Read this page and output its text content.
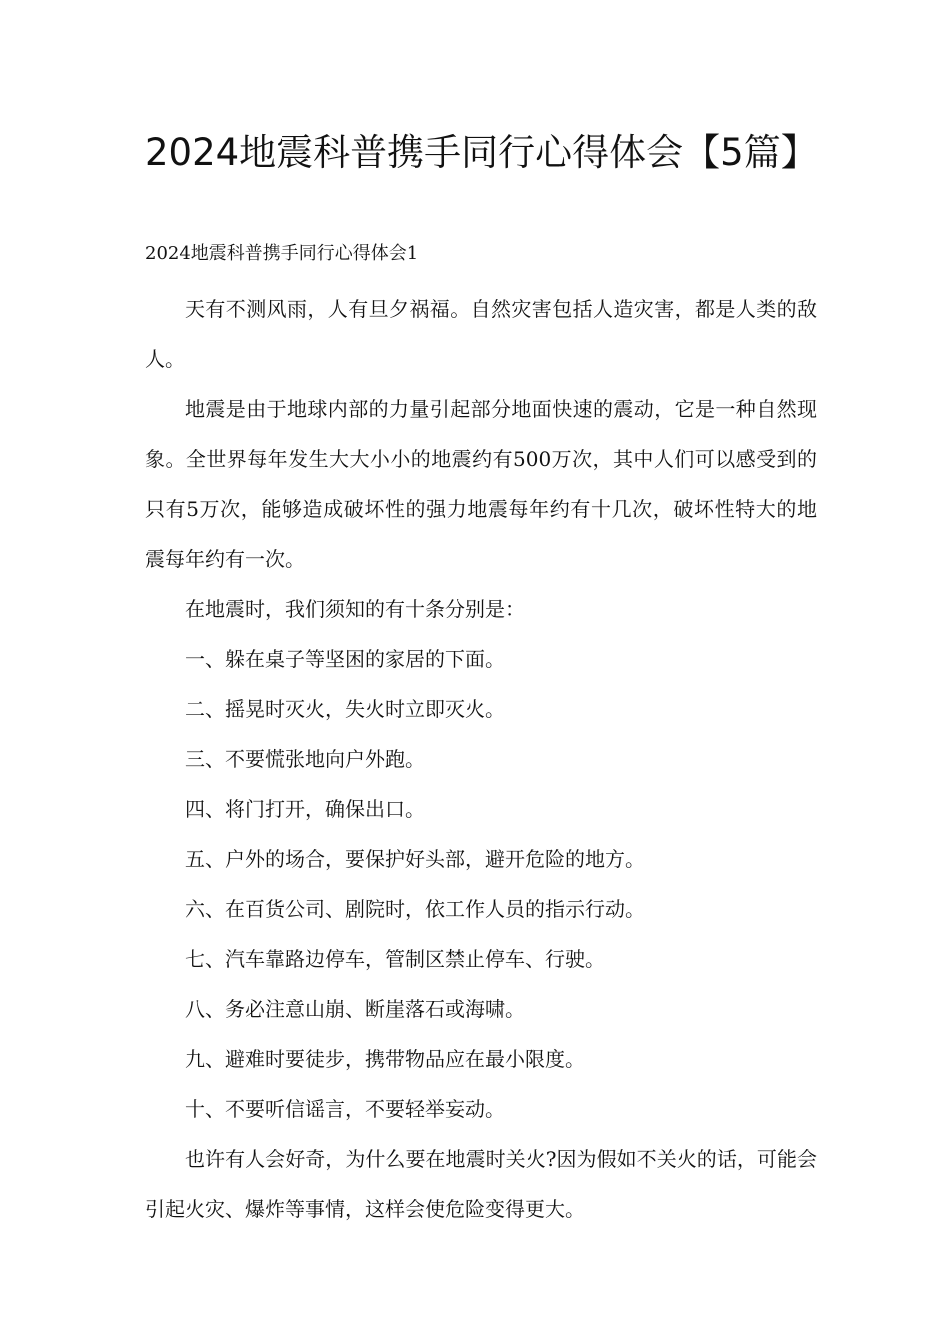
2024地震科普携手同行心得体会【5篇】

2024地震科普携手同行心得体会1

天有不测风雨，人有旦夕祸福。自然灾害包括人造灾害，都是人类的敌人。

地震是由于地球内部的力量引起部分地面快速的震动，它是一种自然现象。全世界每年发生大大小小的地震约有500万次，其中人们可以感受到的只有5万次，能够造成破坏性的强力地震每年约有十几次，破坏性特大的地震每年约有一次。

在地震时，我们须知的有十条分别是：

一、躲在桌子等坚困的家居的下面。

二、摇晃时灭火，失火时立即灭火。

三、不要慌张地向户外跑。

四、将门打开，确保出口。

五、户外的场合，要保护好头部，避开危险的地方。

六、在百货公司、剧院时，依工作人员的指示行动。

七、汽车靠路边停车，管制区禁止停车、行驶。

八、务必注意山崩、断崖落石或海啸。

九、避难时要徒步，携带物品应在最小限度。

十、不要听信谣言，不要轻举妄动。

也许有人会好奇，为什么要在地震时关火?因为假如不关火的话，可能会引起火灾、爆炸等事情，这样会使危险变得更大。
